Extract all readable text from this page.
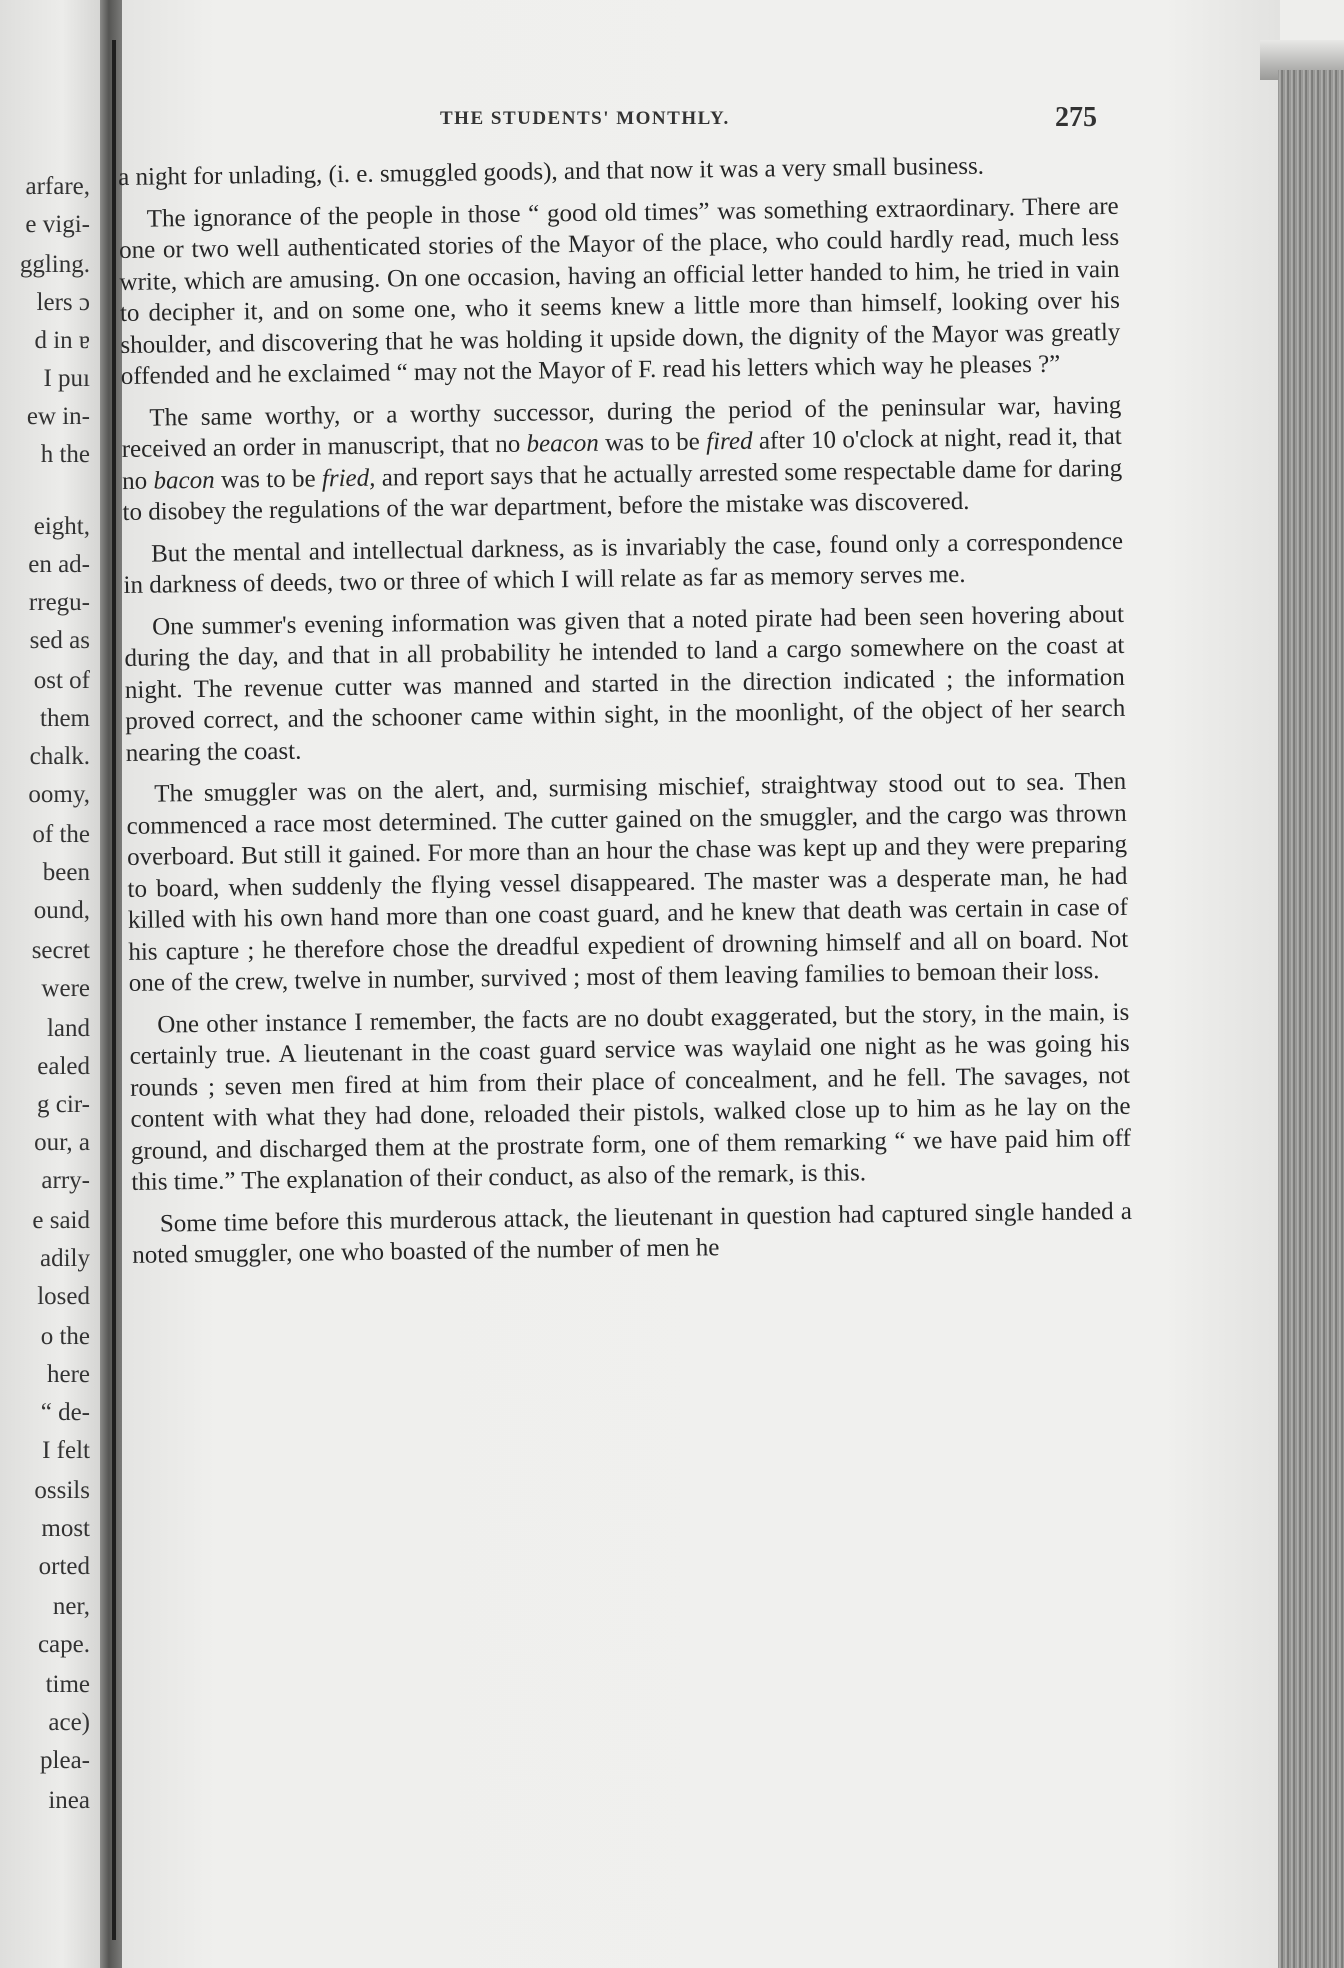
arfare,
e vigi-
ggling.
lers ɔ
d in ɐ
I puı
ew in-
h the
eight,
en ad-
rregu-
sed as
ost of
them
chalk.
oomy,
of the
been
ound,
secret
were
land
ealed
g cir-
our, a
arry-
e said
adily
losed
o the
here
“ de-
I felt
ossils
most
orted
ner,
cape.
time
ace)
plea-
inea
THE STUDENTS' MONTHLY.	275

a night for unlading, (i. e. smuggled goods), and that now it was a very small business.

The ignorance of the people in those “ good old times” was something extraordinary. There are one or two well authenticated stories of the Mayor of the place, who could hardly read, much less write, which are amusing. On one occasion, having an official letter handed to him, he tried in vain to decipher it, and on some one, who it seems knew a little more than himself, looking over his shoulder, and discovering that he was holding it upside down, the dignity of the Mayor was greatly offended and he exclaimed “ may not the Mayor of F. read his letters which way he pleases ?”

The same worthy, or a worthy successor, during the period of the peninsular war, having received an order in manuscript, that no beacon was to be fired after 10 o'clock at night, read it, that no bacon was to be fried, and report says that he actually arrested some respectable dame for daring to disobey the regulations of the war department, before the mistake was discovered.

But the mental and intellectual darkness, as is invariably the case, found only a correspondence in darkness of deeds, two or three of which I will relate as far as memory serves me.

One summer's evening information was given that a noted pirate had been seen hovering about during the day, and that in all probability he intended to land a cargo somewhere on the coast at night. The revenue cutter was manned and started in the direction indicated ; the information proved correct, and the schooner came within sight, in the moonlight, of the object of her search nearing the coast.

The smuggler was on the alert, and, surmising mischief, straightway stood out to sea. Then commenced a race most determined. The cutter gained on the smuggler, and the cargo was thrown overboard. But still it gained. For more than an hour the chase was kept up and they were preparing to board, when suddenly the flying vessel disappeared. The master was a desperate man, he had killed with his own hand more than one coast guard, and he knew that death was certain in case of his capture ; he therefore chose the dreadful expedient of drowning himself and all on board. Not one of the crew, twelve in number, survived ; most of them leaving families to bemoan their loss.

One other instance I remember, the facts are no doubt exaggerated, but the story, in the main, is certainly true. A lieutenant in the coast guard service was waylaid one night as he was going his rounds ; seven men fired at him from their place of concealment, and he fell. The savages, not content with what they had done, reloaded their pistols, walked close up to him as he lay on the ground, and discharged them at the prostrate form, one of them remarking “ we have paid him off this time.” The explanation of their conduct, as also of the remark, is this.

Some time before this murderous attack, the lieutenant in question had captured single handed a noted smuggler, one who boasted of the number of men he
